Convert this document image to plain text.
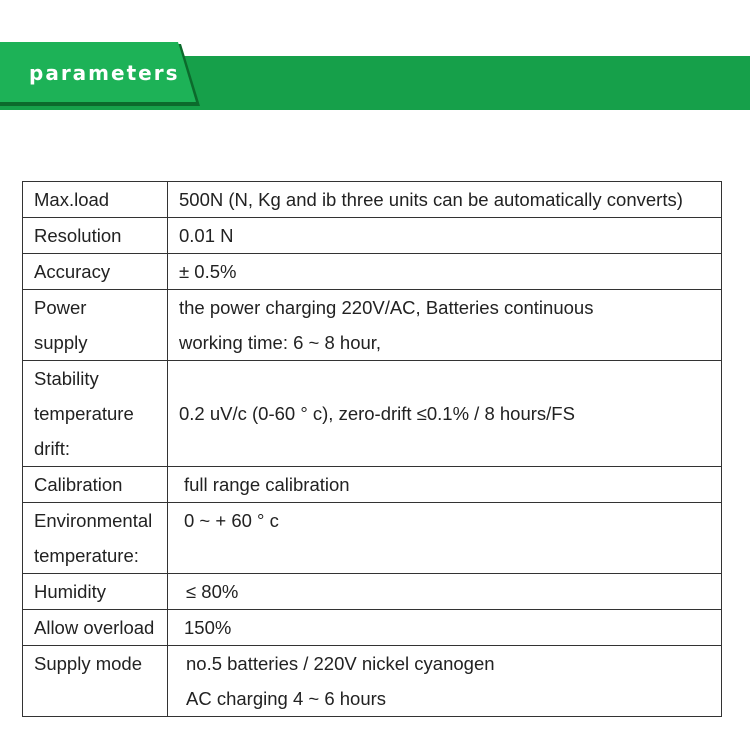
parameters
Max.load	500N (N, Kg and ib three units can be automatically converts)

Resolution	0.01 N

Accuracy	± 0.5%

Power
supply	the power charging 220V/AC, Batteries continuous
working time: 6 ~ 8 hour,

Stability
temperature
drift:	0.2 uV/c (0-60 ° c), zero-drift ≤0.1% / 8 hours/FS

Calibration	full range calibration

Environmental
temperature:	0 ~ + 60 ° c

Humidity	≤ 80%

Allow overload	150%

Supply mode	no.5 batteries / 220V nickel cyanogen
AC charging 4 ~ 6 hours
